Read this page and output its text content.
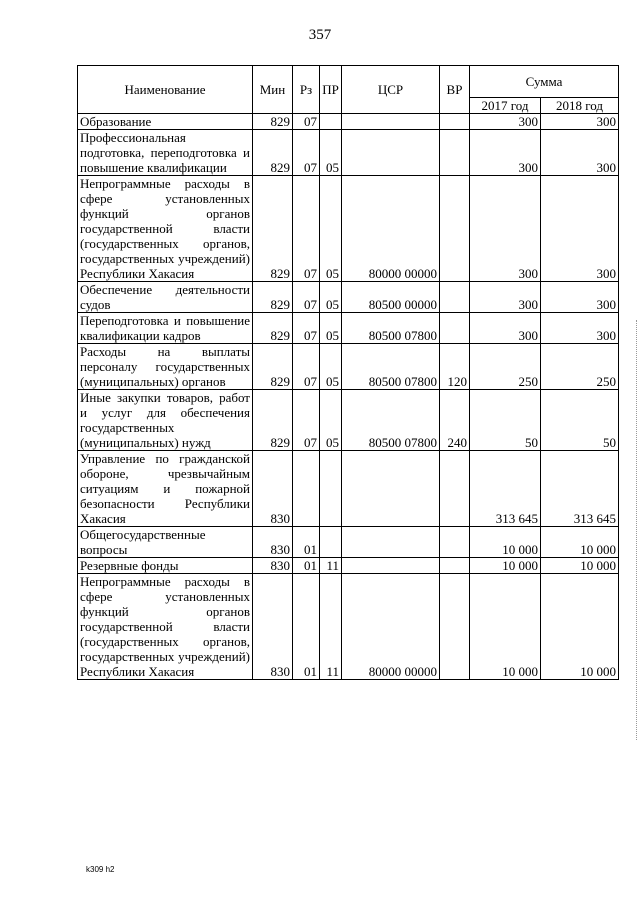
357
Наименование	Мин	Рз	ПР	ЦСР	ВР	Сумма	
						2017 год	2018 год
Образование	829	07				300	300
Профессиональная подготовка, переподготовка и повышение квалификации	829	07	05			300	300
Непрограммные расходы в сфере установленных функций органов государственной власти (государственных органов, государственных учреждений) Республики Хакасия	829	07	05	80000 00000		300	300
Обеспечение деятельности судов	829	07	05	80500 00000		300	300
Переподготовка и повышение квалификации кадров	829	07	05	80500 07800		300	300
Расходы на выплаты персоналу государственных (муниципальных) органов	829	07	05	80500 07800	120	250	250
Иные закупки товаров, работ и услуг для обеспечения государственных (муниципальных) нужд	829	07	05	80500 07800	240	50	50
Управление по гражданской обороне, чрезвычайным ситуациям и пожарной безопасности Республики Хакасия	830					313 645	313 645
Общегосударственные вопросы	830	01				10 000	10 000
Резервные фонды	830	01	11			10 000	10 000
Непрограммные расходы в сфере установленных функций органов государственной власти (государственных органов, государственных учреждений) Республики Хакасия	830	01	11	80000 00000		10 000	10 000
k309 h2
